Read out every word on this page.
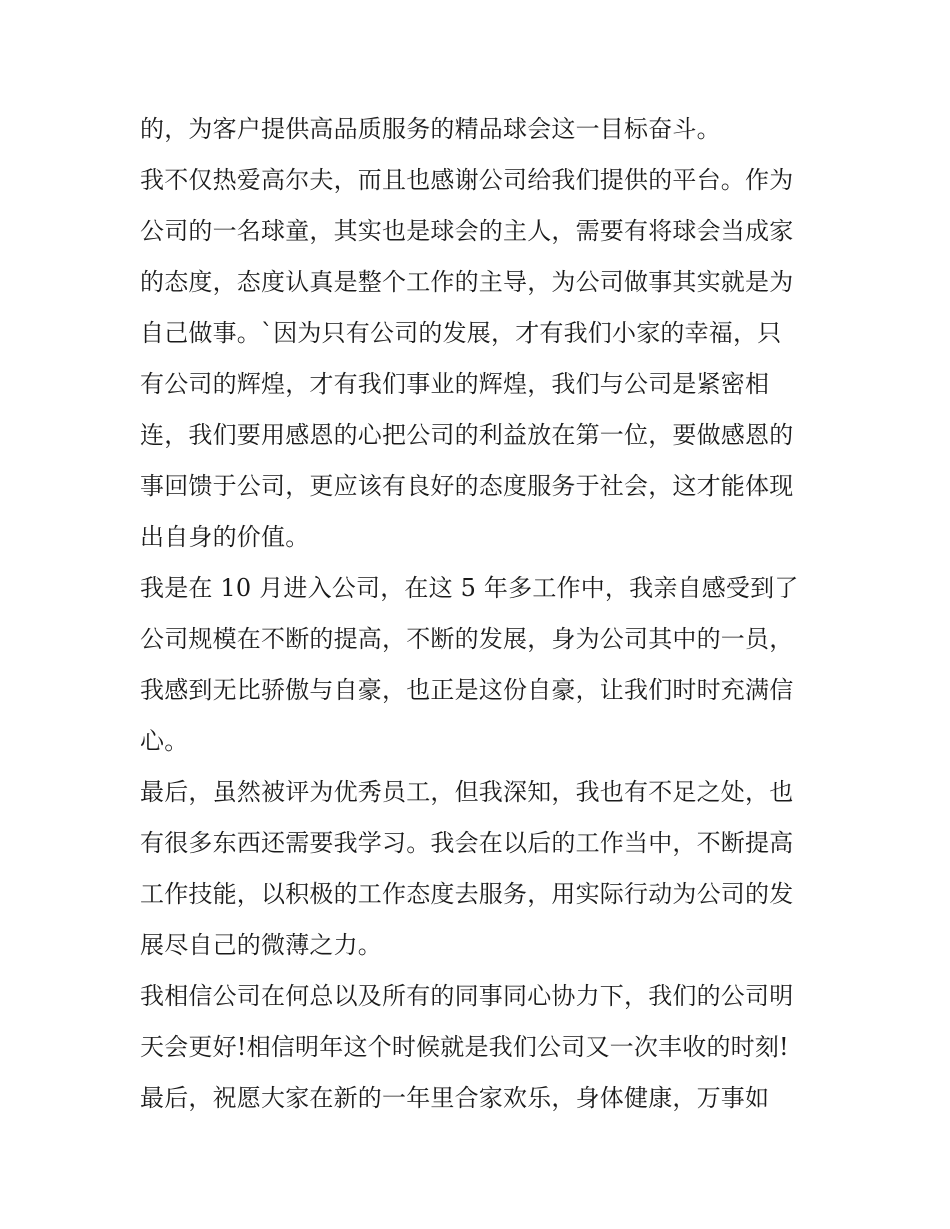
的，为客户提供高品质服务的精品球会这一目标奋斗。
我不仅热爱高尔夫，而且也感谢公司给我们提供的平台。作为
公司的一名球童，其实也是球会的主人，需要有将球会当成家
的态度，态度认真是整个工作的主导，为公司做事其实就是为
自己做事。`因为只有公司的发展，才有我们小家的幸福，只
有公司的辉煌，才有我们事业的辉煌，我们与公司是紧密相
连，我们要用感恩的心把公司的利益放在第一位，要做感恩的
事回馈于公司，更应该有良好的态度服务于社会，这才能体现
出自身的价值。
我是在 10 月进入公司，在这 5 年多工作中，我亲自感受到了
公司规模在不断的提高，不断的发展，身为公司其中的一员，
我感到无比骄傲与自豪，也正是这份自豪，让我们时时充满信
心。
最后，虽然被评为优秀员工，但我深知，我也有不足之处，也
有很多东西还需要我学习。我会在以后的工作当中，不断提高
工作技能，以积极的工作态度去服务，用实际行动为公司的发
展尽自己的微薄之力。
我相信公司在何总以及所有的同事同心协力下，我们的公司明
天会更好!相信明年这个时候就是我们公司又一次丰收的时刻!
最后，祝愿大家在新的一年里合家欢乐，身体健康，万事如
